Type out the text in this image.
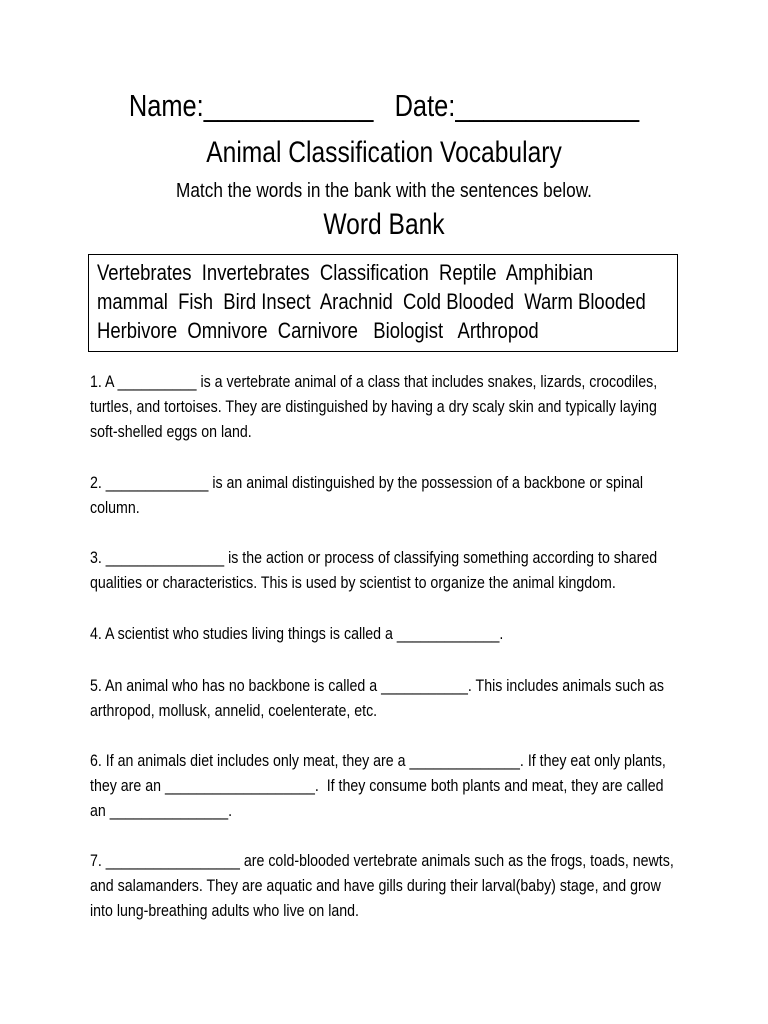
Name:____________   Date:_____________
Animal Classification Vocabulary
Match the words in the bank with the sentences below.
Word Bank
Vertebrates  Invertebrates  Classification  Reptile  Amphibian
mammal  Fish  Bird Insect  Arachnid  Cold Blooded  Warm Blooded
Herbivore  Omnivore  Carnivore   Biologist   Arthropod
1. A __________ is a vertebrate animal of a class that includes snakes, lizards, crocodiles,
turtles, and tortoises. They are distinguished by having a dry scaly skin and typically laying
soft-shelled eggs on land.
2. _____________ is an animal distinguished by the possession of a backbone or spinal
column.
3. _______________ is the action or process of classifying something according to shared
qualities or characteristics. This is used by scientist to organize the animal kingdom.
4. A scientist who studies living things is called a _____________.
5. An animal who has no backbone is called a ___________. This includes animals such as
arthropod, mollusk, annelid, coelenterate, etc.
6. If an animals diet includes only meat, they are a ______________. If they eat only plants,
they are an ___________________.  If they consume both plants and meat, they are called
an _______________.
7. _________________ are cold-blooded vertebrate animals such as the frogs, toads, newts,
and salamanders. They are aquatic and have gills during their larval(baby) stage, and grow
into lung-breathing adults who live on land.
